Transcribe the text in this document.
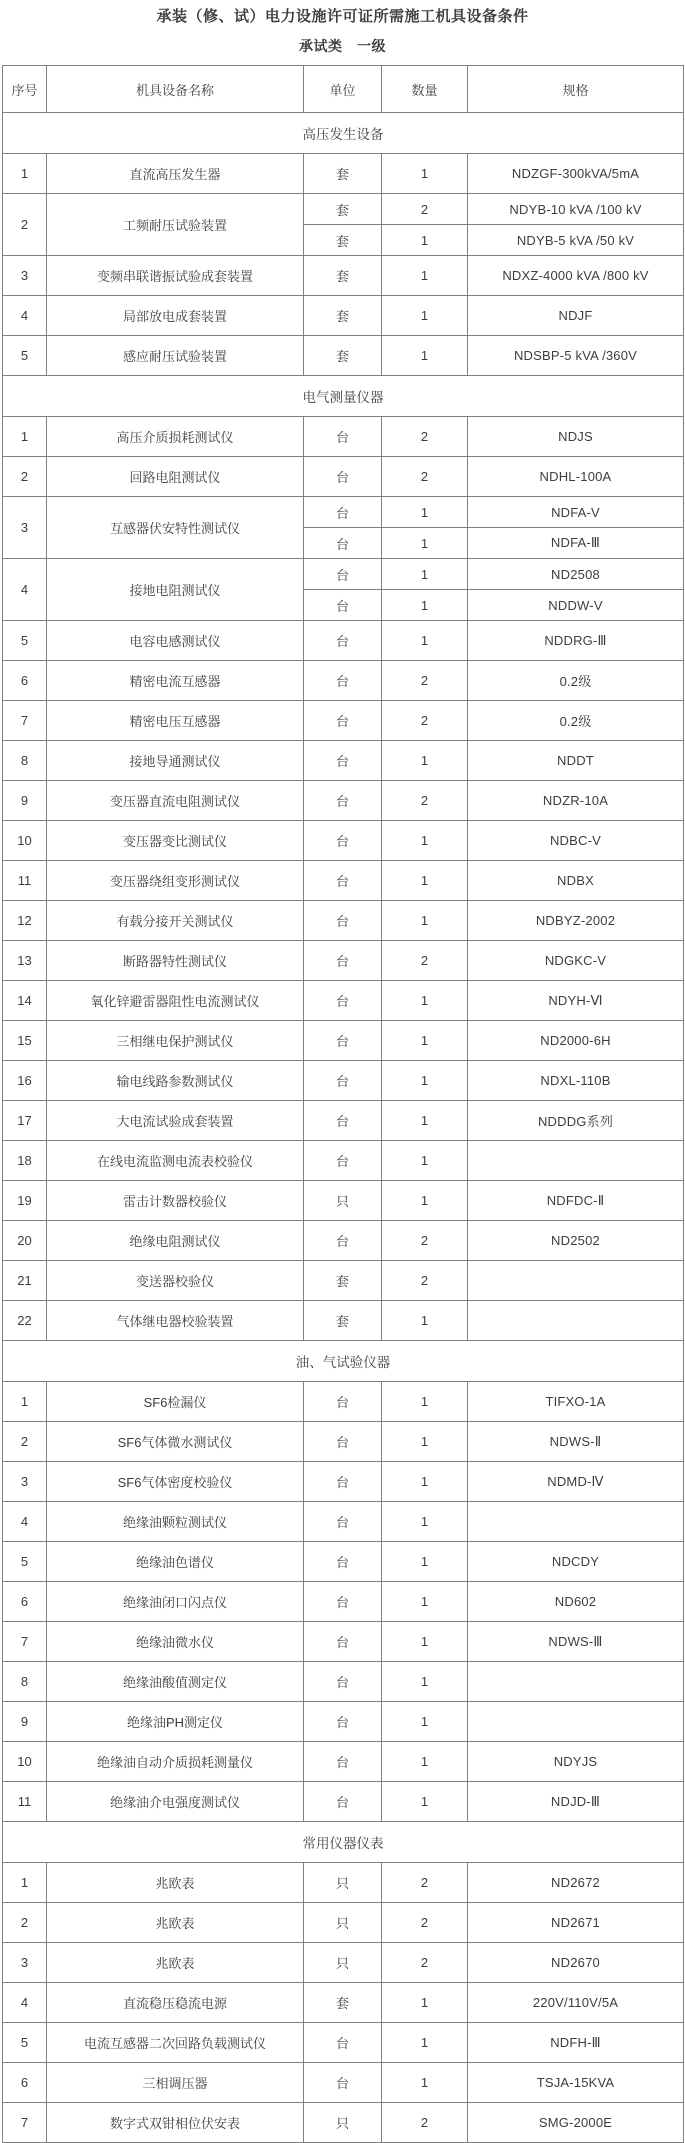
承装（修、试）电力设施许可证所需施工机具设备条件
承试类　一级
序号	机具设备名称	单位	数量	规格
高压发生设备				
1	直流高压发生器	套	1	NDZGF-300kVA/5mA
2	工频耐压试验装置	套	2	NDYB-10 kVA /100 kV
		套	1	NDYB-5 kVA /50 kV
3	变频串联谐振试验成套装置	套	1	NDXZ-4000 kVA /800 kV
4	局部放电成套装置	套	1	NDJF
5	感应耐压试验装置	套	1	NDSBP-5 kVA /360V
电气测量仪器				
1	高压介质损耗测试仪	台	2	NDJS
2	回路电阻测试仪	台	2	NDHL-100A
3	互感器伏安特性测试仪	台	1	NDFA-V
		台	1	NDFA-Ⅲ
4	接地电阻测试仪	台	1	ND2508
		台	1	NDDW-V
5	电容电感测试仪	台	1	NDDRG-Ⅲ
6	精密电流互感器	台	2	0.2级
7	精密电压互感器	台	2	0.2级
8	接地导通测试仪	台	1	NDDT
9	变压器直流电阻测试仪	台	2	NDZR-10A
10	变压器变比测试仪	台	1	NDBC-V
11	变压器绕组变形测试仪	台	1	NDBX
12	有载分接开关测试仪	台	1	NDBYZ-2002
13	断路器特性测试仪	台	2	NDGKC-V
14	氧化锌避雷器阻性电流测试仪	台	1	NDYH-Ⅵ
15	三相继电保护测试仪	台	1	ND2000-6H
16	输电线路参数测试仪	台	1	NDXL-110B
17	大电流试验成套装置	台	1	NDDDG系列
18	在线电流监测电流表校验仪	台	1	
19	雷击计数器校验仪	只	1	NDFDC-Ⅱ
20	绝缘电阻测试仪	台	2	ND2502
21	变送器校验仪	套	2	
22	气体继电器校验装置	套	1	
油、气试验仪器				
1	SF6检漏仪	台	1	TIFXO-1A
2	SF6气体微水测试仪	台	1	NDWS-Ⅱ
3	SF6气体密度校验仪	台	1	NDMD-Ⅳ
4	绝缘油颗粒测试仪	台	1	
5	绝缘油色谱仪	台	1	NDCDY
6	绝缘油闭口闪点仪	台	1	ND602
7	绝缘油微水仪	台	1	NDWS-Ⅲ
8	绝缘油酸值测定仪	台	1	
9	绝缘油PH测定仪	台	1	
10	绝缘油自动介质损耗测量仪	台	1	NDYJS
11	绝缘油介电强度测试仪	台	1	NDJD-Ⅲ
常用仪器仪表				
1	兆欧表	只	2	ND2672
2	兆欧表	只	2	ND2671
3	兆欧表	只	2	ND2670
4	直流稳压稳流电源	套	1	220V/110V/5A
5	电流互感器二次回路负载测试仪	台	1	NDFH-Ⅲ
6	三相调压器	台	1	TSJA-15KVA
7	数字式双钳相位伏安表	只	2	SMG-2000E
